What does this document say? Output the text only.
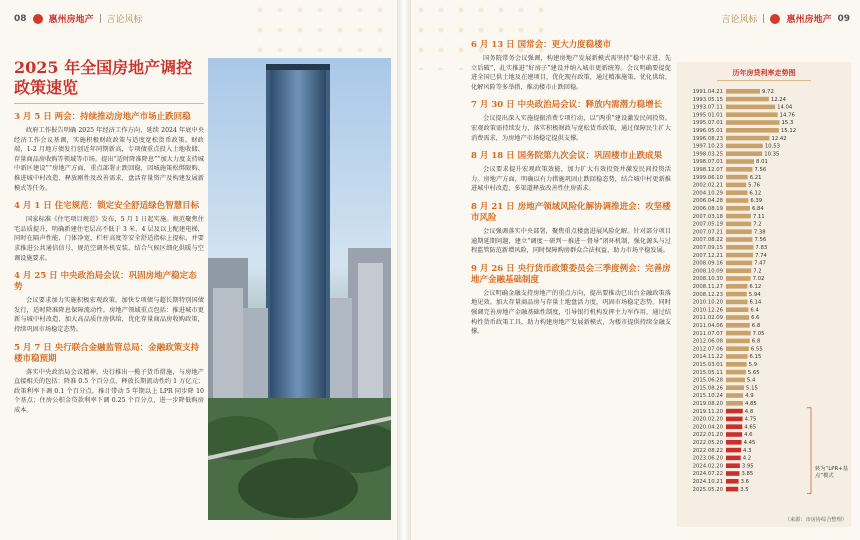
08 惠州房地产 言论风标
2025 年全国房地产调控政策速览
3 月 5 日 两会：持续推动房地产市场止跌回稳
政府工作报告明确 2025 年经济工作方向，延续 2024 年底中央经济工作会议基调，实施积极财政政策与适度宽松货币政策。财政端，1-2 月地方债发行创近年同期新高，专项债重点投入土地收储、存量商品房收购等领域等市场。提出“适时降准降息”“加大力度支持城中新区建设”“房地产方面，重点部署止跌回稳，因城施策松绑限购、推进城中村改造、释放刚性及改善需求，盘活存量资产及构建发展新模式等任务。
4 月 1 日 住宅规范：锁定安全舒适绿色智慧目标
国家标准《住宅项目规范》发布，5 月 1 日起实施。规范聚焦住宅品质提升，明确新建住宅层高不低于 3 米、4 层及以上配建电梯，同时在隔声性能、门体净宽、栏杆高度等安全舒适指标上提标，并要求推进公共通信信号、规范空调外机安装、结合气候区细化供暖与空调设施要求。
4 月 25 日 中央政治局会议：巩固房地产稳定态势
会议要求加力实施积极宏观政策。加快专项债与超长期特别国债发行，适时降准降息保障流动性。房地产领域重点包括：推进城市更新与城中村改造，加大高品质住房供给，优化存量商品房收购政策，持续巩固市场稳定态势。
5 月 7 日 央行联合金融监管总局：金融政策支持楼市稳预期
落实中央政治局会议精神，央行推出一揽子货币措施，与房地产直接相关的包括：降准 0.5 个百分点，释放长期流动性约 1 万亿元；政策利率下调 0.1 个百分点，推计带动 5 年期以上 LPR 同步降 10 个基点；住房公积金贷款利率下调 0.25 个百分点，进一步降低购房成本。
言论风标	惠州房地产 09
6 月 13 日 国常会：更大力度稳楼市
国务院常务会议强调，构建房地产发展新模式需坚持“稳中求进、先立后破”，扎实推进“好房子”建设并纳入城市更新统筹。会议明确要提促进全国已供土地及在建项目，优化现有政策，通过精准施策、优化供给、化解风险等多举措，推动楼市止跌回稳。
7 月 30 日 中央政治局会议：释放内需潜力稳增长
会议提出深入实施提振消费专项行动，以“两重”建设激发民间投资。宏观政策需持续发力，落实积极财政与宽松货币政策，通过保障民生扩大消费需求，为房地产市场稳定提供支撑。
8 月 18 日 国务院第九次会议：巩固楼市止跌成果
会议要求提升宏观政策效能，加力扩大有效投资并激发民间投资活力。房地产方面，明确以有力措施巩固止跌回稳态势，结合城中村更新推进城中村改造，多渠道释放改善性住房需求。
8 月 21 日 房地产领域风险化解协调推进会：攻坚楼市风险
会议强调落实中央部署，聚焦重点楼盘进展风险化解。针对部分项目逾期延期问题，建立“调度－研判－推进－督导”闭环机制，强化源头与过程监管防范新增风险，同时保障购房群众合法权益，助力市场平稳发展。
9 月 26 日 央行货币政策委员会三季度例会：完善房地产金融基础制度
会议明确金融支持房地产的重点方向，提出要推动已出台金融政策落地见效。加大存量商品房与存量土地盘活力度，巩固市场稳定态势。同时强调完善房地产金融基础性制度，引导银行机构发挥主力军作用，通过结构性货币政策工具，助力构建房地产发展新模式，为楼市提供持续金融支撑。
历年房贷利率走势图
1991.04.21	9.72
1993.05.15	12.24
1993.07.11	14.04
1995.01.01	14.76
1995.07.01	15.3
1996.05.01	15.12
1996.08.23	12.42
1997.10.23	10.53
1998.03.25	10.35
1998.07.01	8.01
1998.12.07	7.56
1999.06.10	6.21
2002.02.21	5.76
2004.10.29	6.12
2006.04.28	6.39
2006.08.19	6.84
2007.03.18	7.11
2007.05.19	7.2
2007.07.21	7.38
2007.08.22	7.56
2007.09.15	7.83
2007.12.21	7.74
2008.09.16	7.47
2008.10.09	7.2
2008.10.30	7.02
2008.11.27	6.12
2008.12.23	5.94
2010.10.20	6.14
2010.12.26	6.4
2011.02.09	6.6
2011.04.06	6.8
2011.07.07	7.05
2012.06.08	6.8
2012.07.06	6.55
2014.11.22	6.15
2015.03.01	5.9
2015.05.11	5.65
2015.06.28	5.4
2015.08.26	5.15
2015.10.24	4.9
2019.08.20	4.85
2019.11.20	4.8
2020.02.20	4.75
2020.04.20	4.65
2022.01.20	4.6
2022.05.20	4.45
2022.08.22	4.3
2023.06.20	4.2
2024.02.20	3.95
2024.07.22	3.85
2024.10.21	3.6
2025.05.20	3.5
转为“LPR+基点”模式
（来源：市房协综合整理）
